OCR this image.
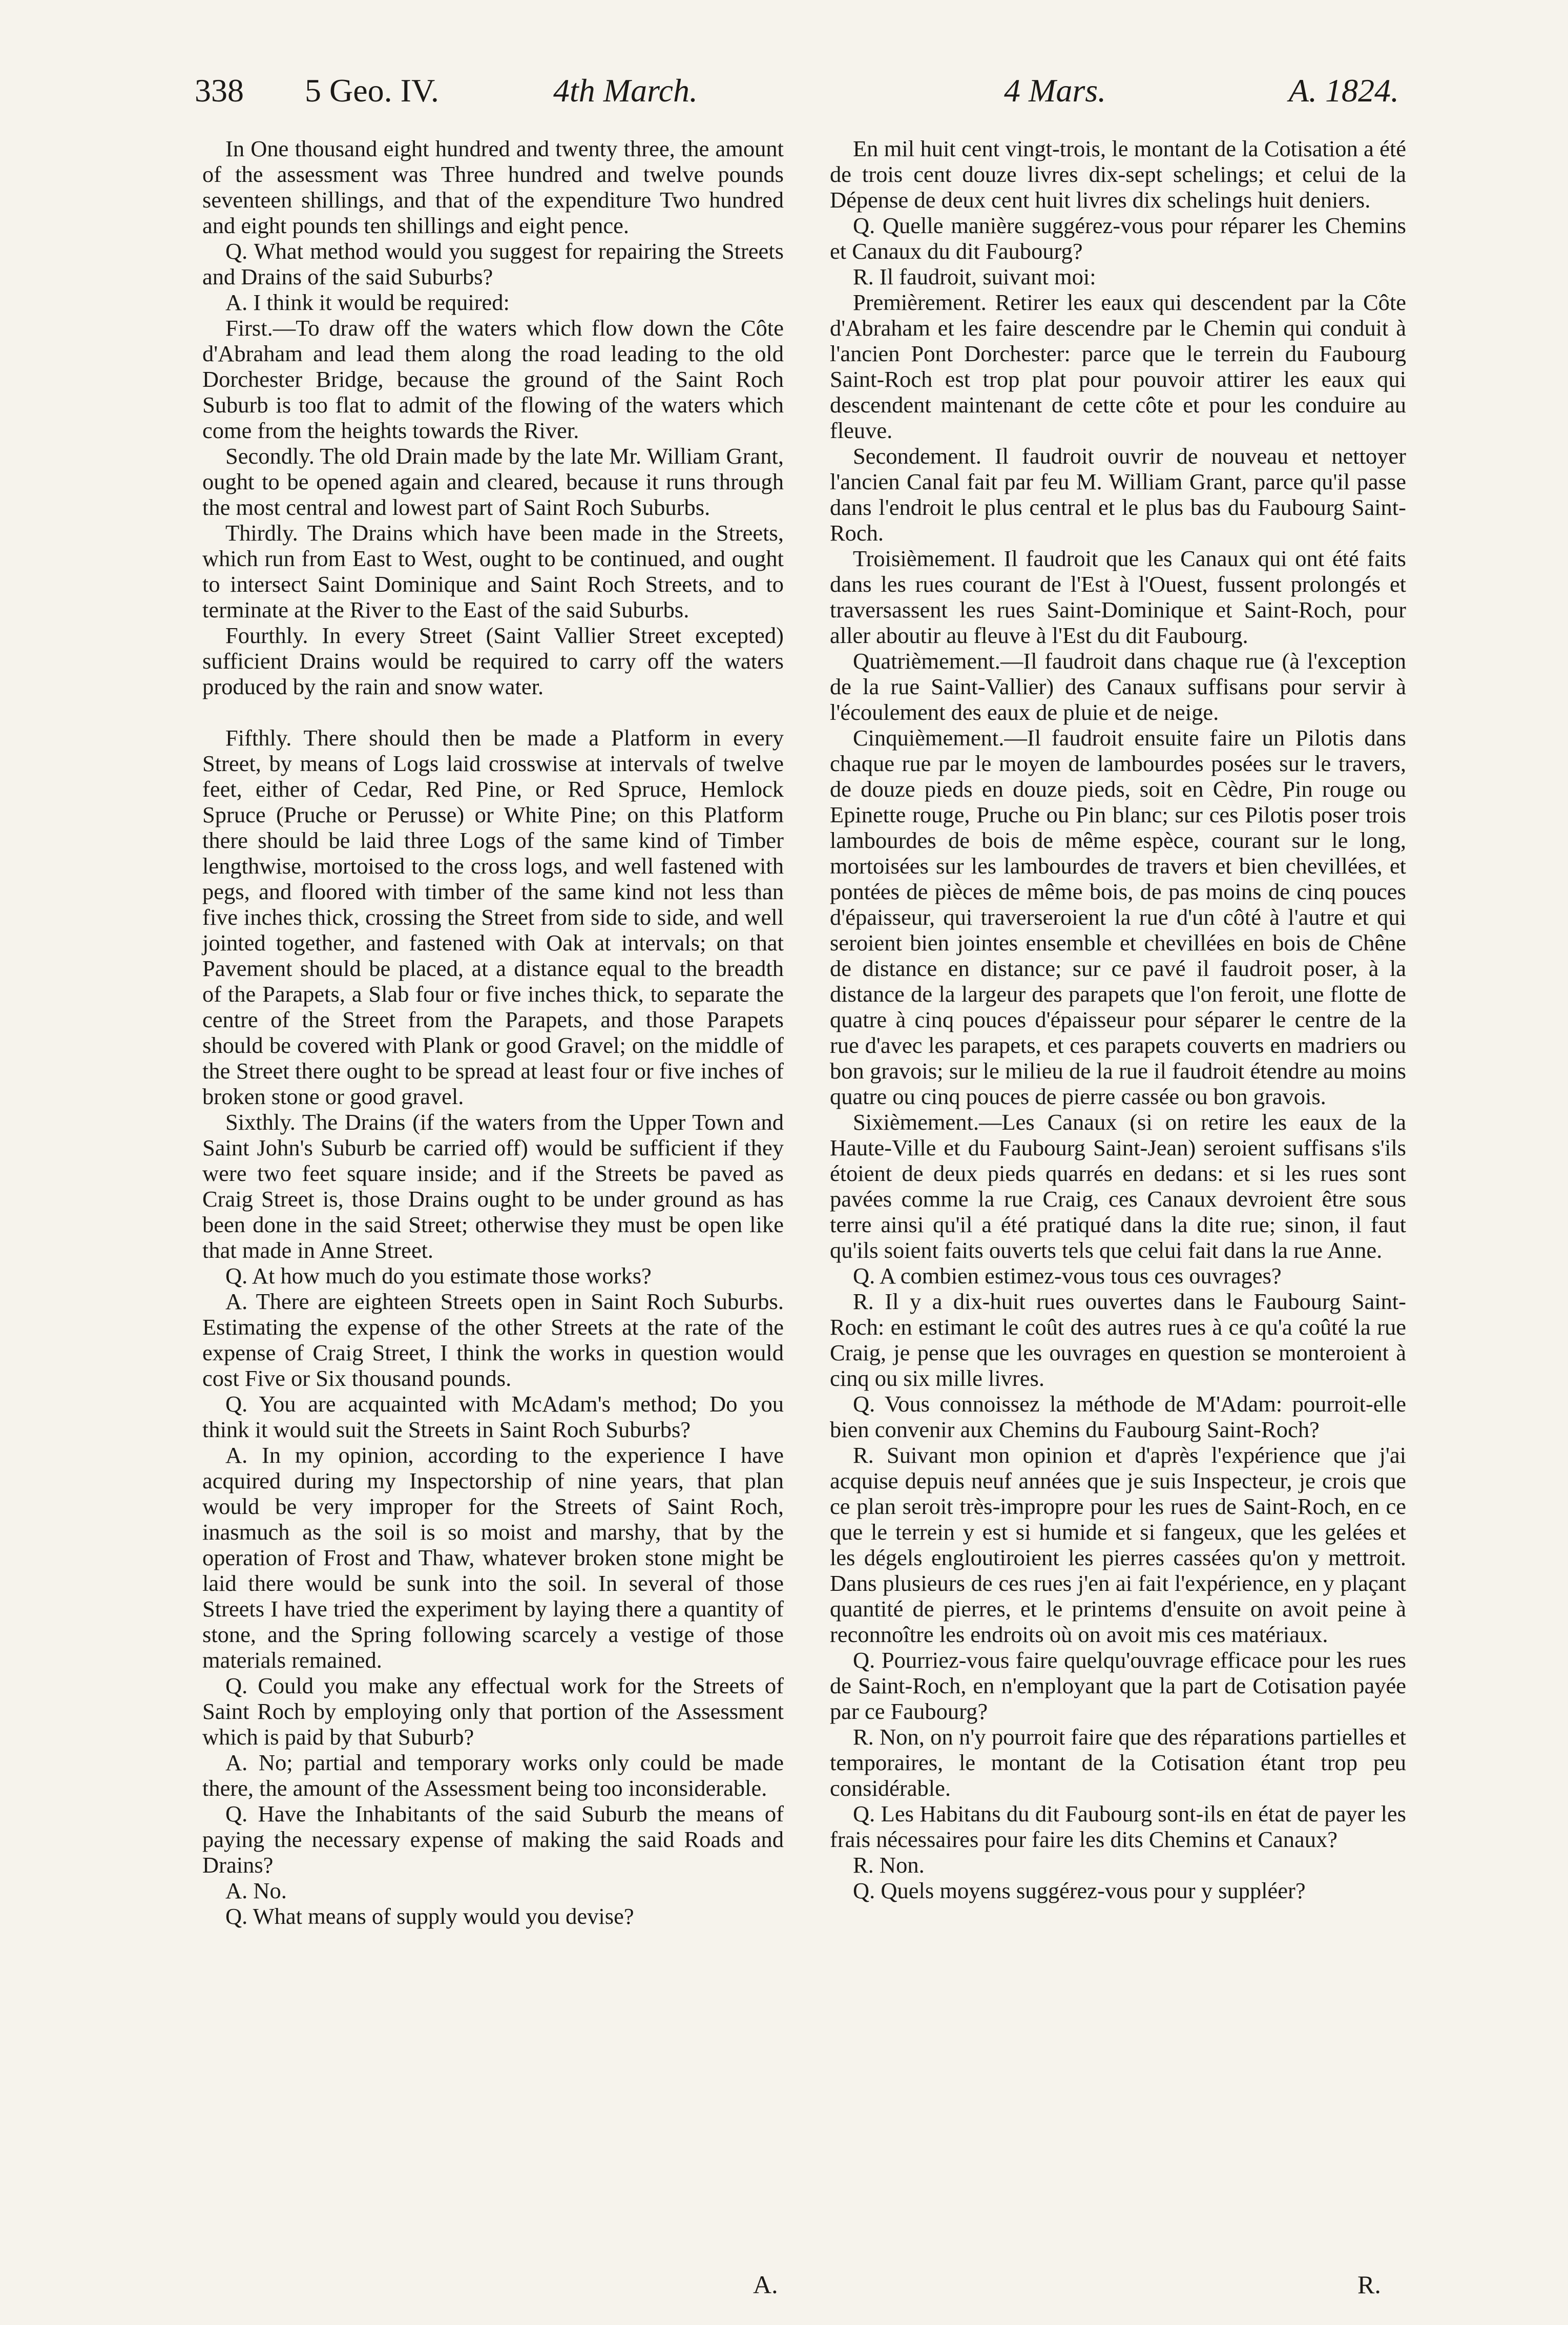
338 5 Geo. IV.	4th March.	4 Mars.	A. 1824.

In One thousand eight hundred and twenty three, the amount of the assessment was Three hundred and twelve pounds seventeen shillings, and that of the expenditure Two hundred and eight pounds ten shillings and eight pence.

Q. What method would you suggest for repairing the Streets and Drains of the said Suburbs?

A. I think it would be required:

First.—To draw off the waters which flow down the Côte d'Abraham and lead them along the road leading to the old Dorchester Bridge, because the ground of the Saint Roch Suburb is too flat to admit of the flowing of the waters which come from the heights towards the River.

Secondly. The old Drain made by the late Mr. William Grant, ought to be opened again and cleared, because it runs through the most central and lowest part of Saint Roch Suburbs.

Thirdly. The Drains which have been made in the Streets, which run from East to West, ought to be continued, and ought to intersect Saint Dominique and Saint Roch Streets, and to terminate at the River to the East of the said Suburbs.

Fourthly. In every Street (Saint Vallier Street excepted) sufficient Drains would be required to carry off the waters produced by the rain and snow water.

Fifthly. There should then be made a Platform in every Street, by means of Logs laid crosswise at intervals of twelve feet, either of Cedar, Red Pine, or Red Spruce, Hemlock Spruce (Pruche or Perusse) or White Pine; on this Platform there should be laid three Logs of the same kind of Timber lengthwise, mortoised to the cross logs, and well fastened with pegs, and floored with timber of the same kind not less than five inches thick, crossing the Street from side to side, and well jointed together, and fastened with Oak at intervals; on that Pavement should be placed, at a distance equal to the breadth of the Parapets, a Slab four or five inches thick, to separate the centre of the Street from the Parapets, and those Parapets should be covered with Plank or good Gravel; on the middle of the Street there ought to be spread at least four or five inches of broken stone or good gravel.

Sixthly. The Drains (if the waters from the Upper Town and Saint John's Suburb be carried off) would be sufficient if they were two feet square inside; and if the Streets be paved as Craig Street is, those Drains ought to be under ground as has been done in the said Street; otherwise they must be open like that made in Anne Street.

Q. At how much do you estimate those works?

A. There are eighteen Streets open in Saint Roch Suburbs. Estimating the expense of the other Streets at the rate of the expense of Craig Street, I think the works in question would cost Five or Six thousand pounds.

Q. You are acquainted with McAdam's method; Do you think it would suit the Streets in Saint Roch Suburbs?

A. In my opinion, according to the experience I have acquired during my Inspectorship of nine years, that plan would be very improper for the Streets of Saint Roch, inasmuch as the soil is so moist and marshy, that by the operation of Frost and Thaw, whatever broken stone might be laid there would be sunk into the soil. In several of those Streets I have tried the experiment by laying there a quantity of stone, and the Spring following scarcely a vestige of those materials remained.

Q. Could you make any effectual work for the Streets of Saint Roch by employing only that portion of the Assessment which is paid by that Suburb?

A. No; partial and temporary works only could be made there, the amount of the Assessment being too inconsiderable.

Q. Have the Inhabitants of the said Suburb the means of paying the necessary expense of making the said Roads and Drains?

A. No.

Q. What means of supply would you devise?

En mil huit cent vingt-trois, le montant de la Cotisation a été de trois cent douze livres dix-sept schelings; et celui de la Dépense de deux cent huit livres dix schelings huit deniers.

Q. Quelle manière suggérez-vous pour réparer les Chemins et Canaux du dit Faubourg?

R. Il faudroit, suivant moi:

Premièrement. Retirer les eaux qui descendent par la Côte d'Abraham et les faire descendre par le Chemin qui conduit à l'ancien Pont Dorchester: parce que le terrein du Faubourg Saint-Roch est trop plat pour pouvoir attirer les eaux qui descendent maintenant de cette côte et pour les conduire au fleuve.

Secondement. Il faudroit ouvrir de nouveau et nettoyer l'ancien Canal fait par feu M. William Grant, parce qu'il passe dans l'endroit le plus central et le plus bas du Faubourg Saint-Roch.

Troisièmement. Il faudroit que les Canaux qui ont été faits dans les rues courant de l'Est à l'Ouest, fussent prolongés et traversassent les rues Saint-Dominique et Saint-Roch, pour aller aboutir au fleuve à l'Est du dit Faubourg.

Quatrièmement.—Il faudroit dans chaque rue (à l'exception de la rue Saint-Vallier) des Canaux suffisans pour servir à l'écoulement des eaux de pluie et de neige.

Cinquièmement.—Il faudroit ensuite faire un Pilotis dans chaque rue par le moyen de lambourdes posées sur le travers, de douze pieds en douze pieds, soit en Cèdre, Pin rouge ou Epinette rouge, Pruche ou Pin blanc; sur ces Pilotis poser trois lambourdes de bois de même espèce, courant sur le long, mortoisées sur les lambourdes de travers et bien chevillées, et pontées de pièces de même bois, de pas moins de cinq pouces d'épaisseur, qui traverseroient la rue d'un côté à l'autre et qui seroient bien jointes ensemble et chevillées en bois de Chêne de distance en distance; sur ce pavé il faudroit poser, à la distance de la largeur des parapets que l'on feroit, une flotte de quatre à cinq pouces d'épaisseur pour séparer le centre de la rue d'avec les parapets, et ces parapets couverts en madriers ou bon gravois; sur le milieu de la rue il faudroit étendre au moins quatre ou cinq pouces de pierre cassée ou bon gravois.

Sixièmement.—Les Canaux (si on retire les eaux de la Haute-Ville et du Faubourg Saint-Jean) seroient suffisans s'ils étoient de deux pieds quarrés en dedans: et si les rues sont pavées comme la rue Craig, ces Canaux devroient être sous terre ainsi qu'il a été pratiqué dans la dite rue; sinon, il faut qu'ils soient faits ouverts tels que celui fait dans la rue Anne.

Q. A combien estimez-vous tous ces ouvrages?

R. Il y a dix-huit rues ouvertes dans le Faubourg Saint-Roch: en estimant le coût des autres rues à ce qu'a coûté la rue Craig, je pense que les ouvrages en question se monteroient à cinq ou six mille livres.

Q. Vous connoissez la méthode de M'Adam: pourroit-elle bien convenir aux Chemins du Faubourg Saint-Roch?

R. Suivant mon opinion et d'après l'expérience que j'ai acquise depuis neuf années que je suis Inspecteur, je crois que ce plan seroit très-impropre pour les rues de Saint-Roch, en ce que le terrein y est si humide et si fangeux, que les gelées et les dégels engloutiroient les pierres cassées qu'on y mettroit. Dans plusieurs de ces rues j'en ai fait l'expérience, en y plaçant quantité de pierres, et le printems d'ensuite on avoit peine à reconnoître les endroits où on avoit mis ces matériaux.

Q. Pourriez-vous faire quelqu'ouvrage efficace pour les rues de Saint-Roch, en n'employant que la part de Cotisation payée par ce Faubourg?

R. Non, on n'y pourroit faire que des réparations partielles et temporaires, le montant de la Cotisation étant trop peu considérable.

Q. Les Habitans du dit Faubourg sont-ils en état de payer les frais nécessaires pour faire les dits Chemins et Canaux?

R. Non.

Q. Quels moyens suggérez-vous pour y suppléer?

A.	R.
